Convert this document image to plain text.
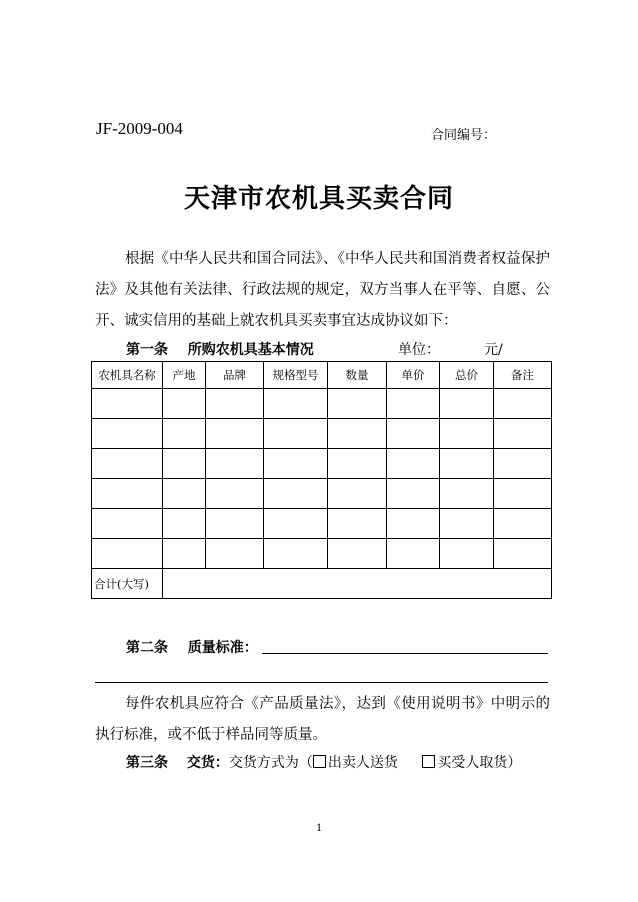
JF-2009-004	合同编号：
天津市农机具买卖合同
根据《中华人民共和国合同法》、《中华人民共和国消费者权益保护法》及其他有关法律、行政法规的规定，双方当事人在平等、自愿、公开、诚实信用的基础上就农机具买卖事宜达成协议如下：
第一条 所购农机具基本情况	单位：	元/
农机具名称	产地	品牌	规格型号	数量	单价	总价	备注

合计(大写)							
第二条 质量标准：
每件农机具应符合《产品质量法》，达到《使用说明书》中明示的执行标准，或不低于样品同等质量。
第三条 交货：交货方式为（ 出卖人送货	买受人取货）
1
